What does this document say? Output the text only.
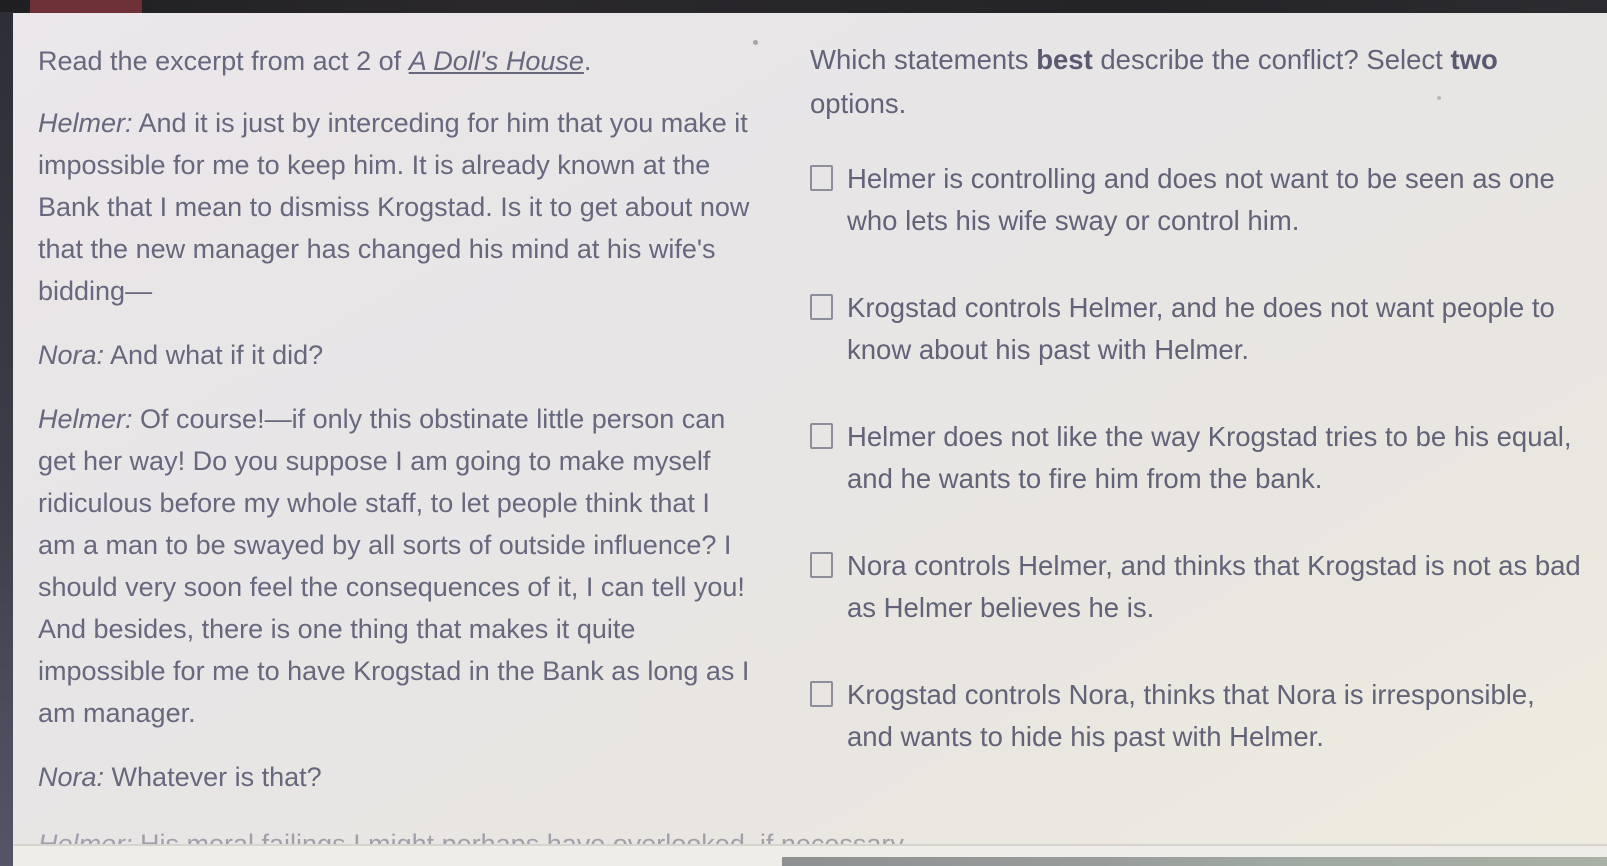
Read the excerpt from act 2 of A Doll's House.

Helmer: And it is just by interceding for him that you make it impossible for me to keep him. It is already known at the Bank that I mean to dismiss Krogstad. Is it to get about now that the new manager has changed his mind at his wife's bidding—

Nora: And what if it did?

Helmer: Of course!—if only this obstinate little person can get her way! Do you suppose I am going to make myself ridiculous before my whole staff, to let people think that I am a man to be swayed by all sorts of outside influence? I should very soon feel the consequences of it, I can tell you! And besides, there is one thing that makes it quite impossible for me to have Krogstad in the Bank as long as I am manager.

Nora: Whatever is that?

Which statements best describe the conflict? Select two options.
Helmer is controlling and does not want to be seen as one who lets his wife sway or control him.
Krogstad controls Helmer, and he does not want people to know about his past with Helmer.
Helmer does not like the way Krogstad tries to be his equal, and he wants to fire him from the bank.
Nora controls Helmer, and thinks that Krogstad is not as bad as Helmer believes he is.
Krogstad controls Nora, thinks that Nora is irresponsible, and wants to hide his past with Helmer.
